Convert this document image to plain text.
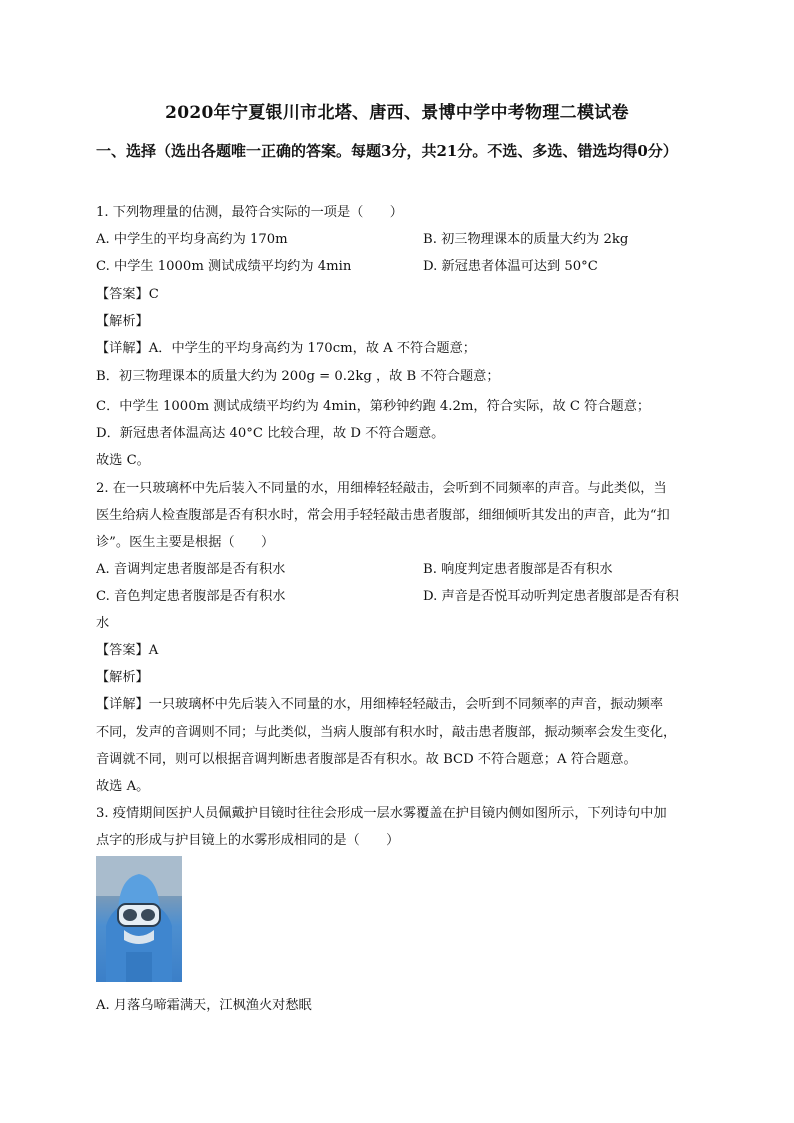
2020年宁夏银川市北塔、唐西、景博中学中考物理二模试卷
一、选择（选出各题唯一正确的答案。每题3分，共21分。不选、多选、错选均得0分）
1. 下列物理量的估测，最符合实际的一项是（　　）
A. 中学生的平均身高约为 170m	B. 初三物理课本的质量大约为 2kg
C. 中学生 1000m 测试成绩平均约为 4min	D. 新冠患者体温可达到 50°C
【答案】C
【解析】
【详解】A．中学生的平均身高约为 170cm，故 A 不符合题意；
B．初三物理课本的质量大约为 200g = 0.2kg ，故 B 不符合题意；
C．中学生 1000m 测试成绩平均约为 4min，第秒钟约跑 4.2m，符合实际，故 C 符合题意；
D．新冠患者体温高达 40°C 比较合理，故 D 不符合题意。
故选 C。
2. 在一只玻璃杯中先后装入不同量的水，用细棒轻轻敲击，会听到不同频率的声音。与此类似，当
医生给病人检查腹部是否有积水时，常会用手轻轻敲击患者腹部，细细倾听其发出的声音，此为“扣
诊”。医生主要是根据（　　）
A. 音调判定患者腹部是否有积水	B. 响度判定患者腹部是否有积水
C. 音色判定患者腹部是否有积水	D. 声音是否悦耳动听判定患者腹部是否有积
水
【答案】A
【解析】
【详解】一只玻璃杯中先后装入不同量的水，用细棒轻轻敲击，会听到不同频率的声音，振动频率
不同，发声的音调则不同；与此类似，当病人腹部有积水时，敲击患者腹部，振动频率会发生变化，
音调就不同，则可以根据音调判断患者腹部是否有积水。故 BCD 不符合题意；A 符合题意。
故选 A。
3. 疫情期间医护人员佩戴护目镜时往往会形成一层水雾覆盖在护目镜内侧如图所示，下列诗句中加
点字的形成与护目镜上的水雾形成相同的是（　　）
A. 月落乌啼霜满天，江枫渔火对愁眠
